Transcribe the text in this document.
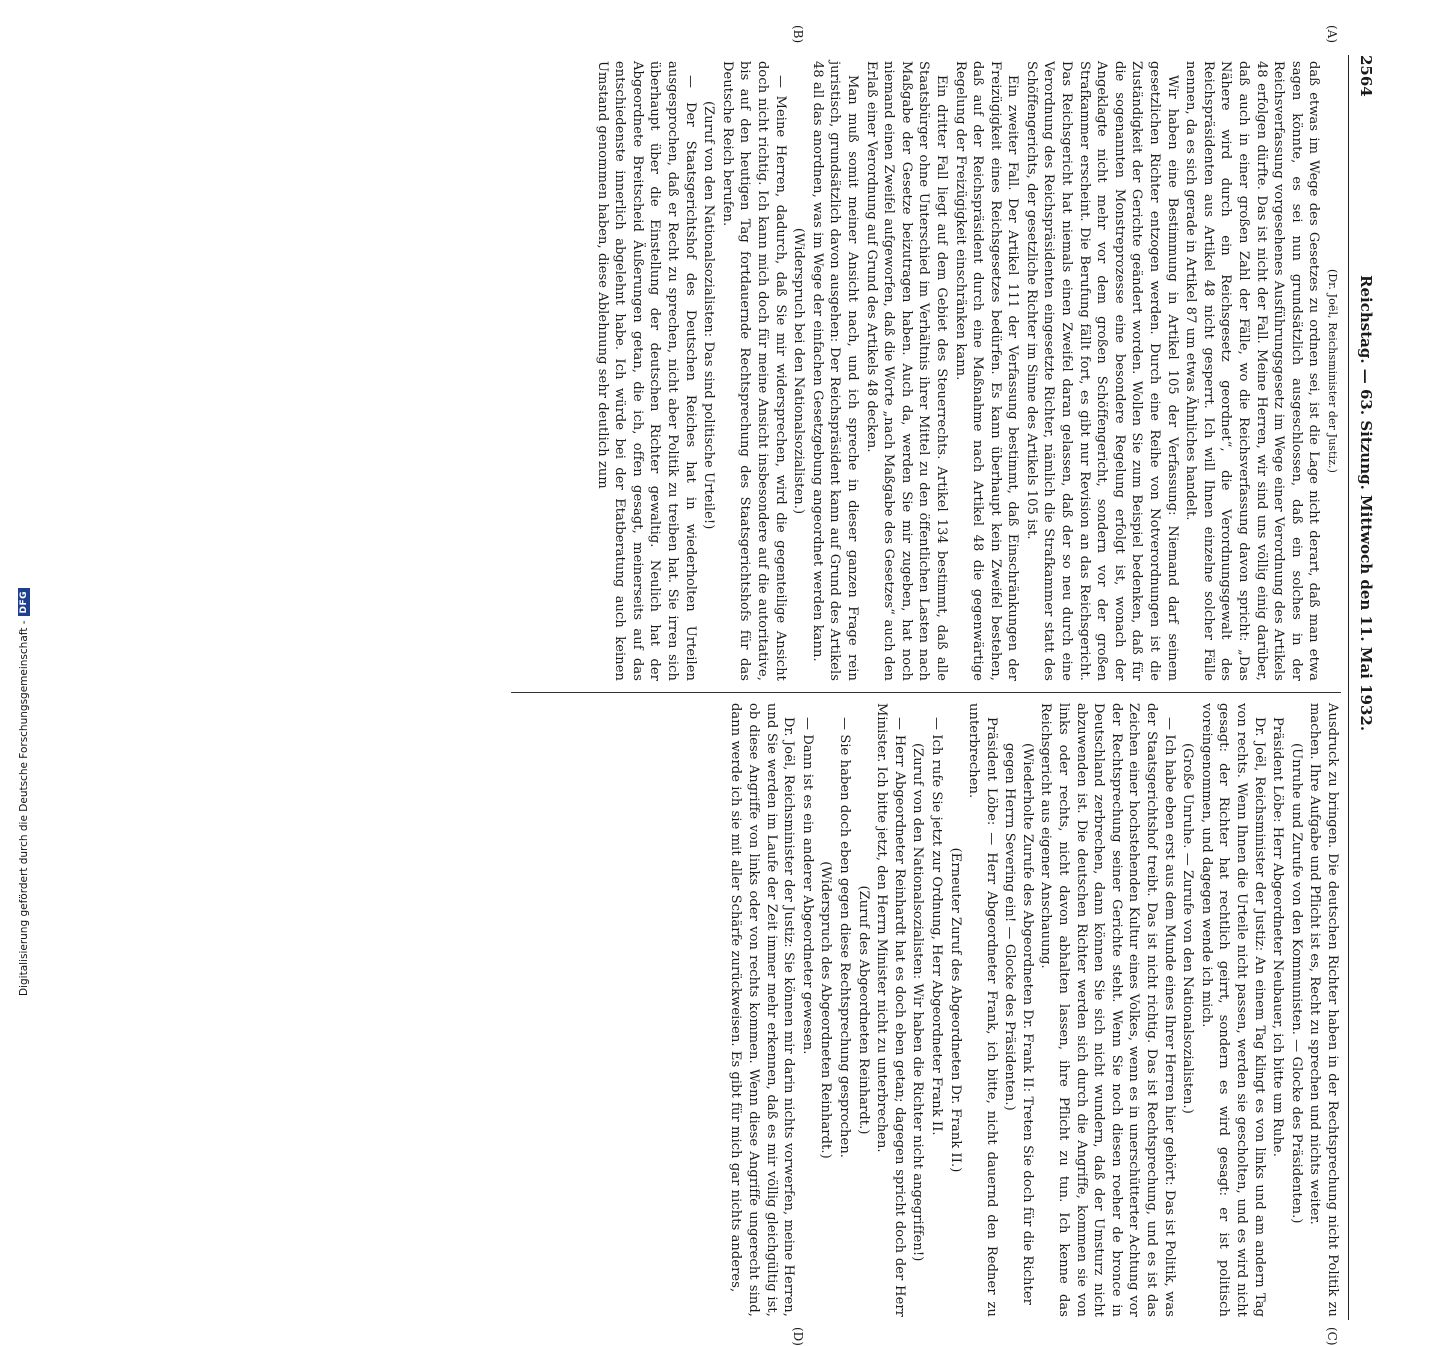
Digitalisierung gefördert durch die Deutsche Forschungsgemeinschaft -
DFG
2564
Reichstag. — 63. Sitzung. Mittwoch den 11. Mai 1932.
(A)
(B)

(Dr. Joël, Reichsminister der Justiz.)

daß etwas im Wege des Gesetzes zu ordnen sei, ist die Lage nicht derart, daß man etwa sagen könnte, es sei nun grundsätzlich ausgeschlossen, daß ein solches in der Reichsverfassung vorgesehenes Ausführungsgesetz im Wege einer Verordnung des Artikels 48 erfolgen dürfte. Das ist nicht der Fall. Meine Herren, wir sind uns völlig einig darüber, daß auch in einer großen Zahl der Fälle, wo die Reichsverfassung davon spricht: „Das Nähere wird durch ein Reichsgesetz geordnet“, die Verordnungsgewalt des Reichspräsidenten aus Artikel 48 nicht gesperrt. Ich will Ihnen einzelne solcher Fälle nennen, da es sich gerade in Artikel 87 um etwas Ähnliches handelt.

Wir haben eine Bestimmung in Artikel 105 der Verfassung: Niemand darf seinem gesetzlichen Richter entzogen werden. Durch eine Reihe von Notverordnungen ist die Zuständigkeit der Gerichte geändert worden. Wollen Sie zum Beispiel bedenken, daß für die sogenannten Monstreprozesse eine besondere Regelung erfolgt ist, wonach der Angeklagte nicht mehr vor dem großen Schöffengericht, sondern vor der großen Strafkammer erscheint. Die Berufung fällt fort, es gibt nur Revision an das Reichsgericht. Das Reichsgericht hat niemals einen Zweifel daran gelassen, daß der so neu durch eine Verordnung des Reichspräsidenten eingesetzte Richter, nämlich die Strafkammer statt des Schöffengerichts, der gesetzliche Richter im Sinne des Artikels 105 ist.

Ein zweiter Fall. Der Artikel 111 der Verfassung bestimmt, daß Einschränkungen der Freizügigkeit eines Reichsgesetzes bedürfen. Es kann überhaupt kein Zweifel bestehen, daß auf der Reichspräsident durch eine Maßnahme nach Artikel 48 die gegenwärtige Regelung der Freizügigkeit einschränken kann.

Ein dritter Fall liegt auf dem Gebiet des Steuerrechts. Artikel 134 bestimmt, daß alle Staatsbürger ohne Unterschied im Verhältnis ihrer Mittel zu den öffentlichen Lasten nach Maßgabe der Gesetze beizutragen haben. Auch da, werden Sie mir zugeben, hat noch niemand einen Zweifel aufgeworfen, daß die Worte „nach Maßgabe des Gesetzes“ auch den Erlaß einer Verordnung auf Grund des Artikels 48 decken.

Man muß somit meiner Ansicht nach, und ich spreche in dieser ganzen Frage rein juristisch, grundsätzlich davon ausgehen: Der Reichspräsident kann auf Grund des Artikels 48 all das anordnen, was im Wege der einfachen Gesetzgebung angeordnet werden kann.

(Widerspruch bei den Nationalsozialisten.)

— Meine Herren, dadurch, daß Sie mir widersprechen, wird die gegenteilige Ansicht doch nicht richtig. Ich kann mich doch für meine Ansicht insbesondere auf die autoritative, bis auf den heutigen Tag fortdauernde Rechtsprechung des Staatsgerichtshofs für das Deutsche Reich berufen.

(Zuruf von den Nationalsozialisten: Das sind politische Urteile!)

— Der Staatsgerichtshof des Deutschen Reiches hat in wiederholten Urteilen ausgesprochen, daß er Recht zu sprechen, nicht aber Politik zu treiben hat. Sie irren sich überhaupt über die Einstellung der deutschen Richter gewaltig. Neulich hat der Abgeordnete Breitscheid Äußerungen getan, die ich, offen gesagt, meinerseits auf das entschiedenste innerlich abgelehnt habe. Ich würde bei der Etatberatung auch keinen Umstand genommen haben, diese Ablehnung sehr deutlich zum

Ausdruck zu bringen. Die deutschen Richter haben in der Rechtsprechung nicht Politik zu machen. Ihre Aufgabe und Pflicht ist es, Recht zu sprechen und nichts weiter.

(Unruhe und Zurufe von den Kommunisten. — Glocke des Präsidenten.)

Präsident Löbe: Herr Abgeordneter Neubauer, ich bitte um Ruhe.

Dr. Joël, Reichsminister der Justiz: An einem Tag klingt es von links und am andern Tag von rechts. Wenn Ihnen die Urteile nicht passen, werden sie gescholten, und es wird nicht gesagt: der Richter hat rechtlich geirrt, sondern es wird gesagt: er ist politisch voreingenommen, und dagegen wende ich mich.

(Große Unruhe. — Zurufe von den Nationalsozialisten.)

— Ich habe eben erst aus dem Munde eines Ihrer Herren hier gehört: Das ist Politik, was der Staatsgerichtshof treibt. Das ist nicht richtig. Das ist Rechtsprechung, und es ist das Zeichen einer hochstehenden Kultur eines Volkes, wenn es in unerschütterter Achtung vor der Rechtsprechung seiner Gerichte steht. Wenn Sie noch diesen roeher de bronce in Deutschland zerbrechen, dann können Sie sich nicht wundern, daß der Umsturz nicht abzuwenden ist. Die deutschen Richter werden sich durch die Angriffe, kommen sie von links oder rechts, nicht davon abhalten lassen, ihre Pflicht zu tun. Ich kenne das Reichsgericht aus eigener Anschauung.

(Wiederholte Zurufe des Abgeordneten Dr. Frank II: Treten Sie doch für die Richter gegen Herrn Severing ein! — Glocke des Präsidenten.)

Präsident Löbe: — Herr Abgeordneter Frank, ich bitte, nicht dauernd den Redner zu unterbrechen.

(Erneuter Zuruf des Abgeordneten Dr. Frank II.)

— Ich rufe Sie jetzt zur Ordnung, Herr Abgeordneter Frank II.

(Zuruf von den Nationalsozialisten: Wir haben die Richter nicht angegriffen!)

— Herr Abgeordneter Reinhardt hat es doch eben getan; dagegen spricht doch der Herr Minister. Ich bitte jetzt, den Herrn Minister nicht zu unterbrechen.

(Zuruf des Abgeordneten Reinhardt.)

— Sie haben doch eben gegen diese Rechtsprechung gesprochen.

(Widerspruch des Abgeordneten Reinhardt.)

— Dann ist es ein anderer Abgeordneter gewesen.

Dr. Joël, Reichsminister der Justiz: Sie können mir darin nichts vorwerfen, meine Herren, und Sie werden im Laufe der Zeit immer mehr erkennen, daß es mir völlig gleichgültig ist, ob diese Angriffe von links oder von rechts kommen. Wenn diese Angriffe ungerecht sind, dann werde ich sie mit aller Schärfe zurückweisen. Es gibt für mich gar nichts anderes,

(C)
(D)
